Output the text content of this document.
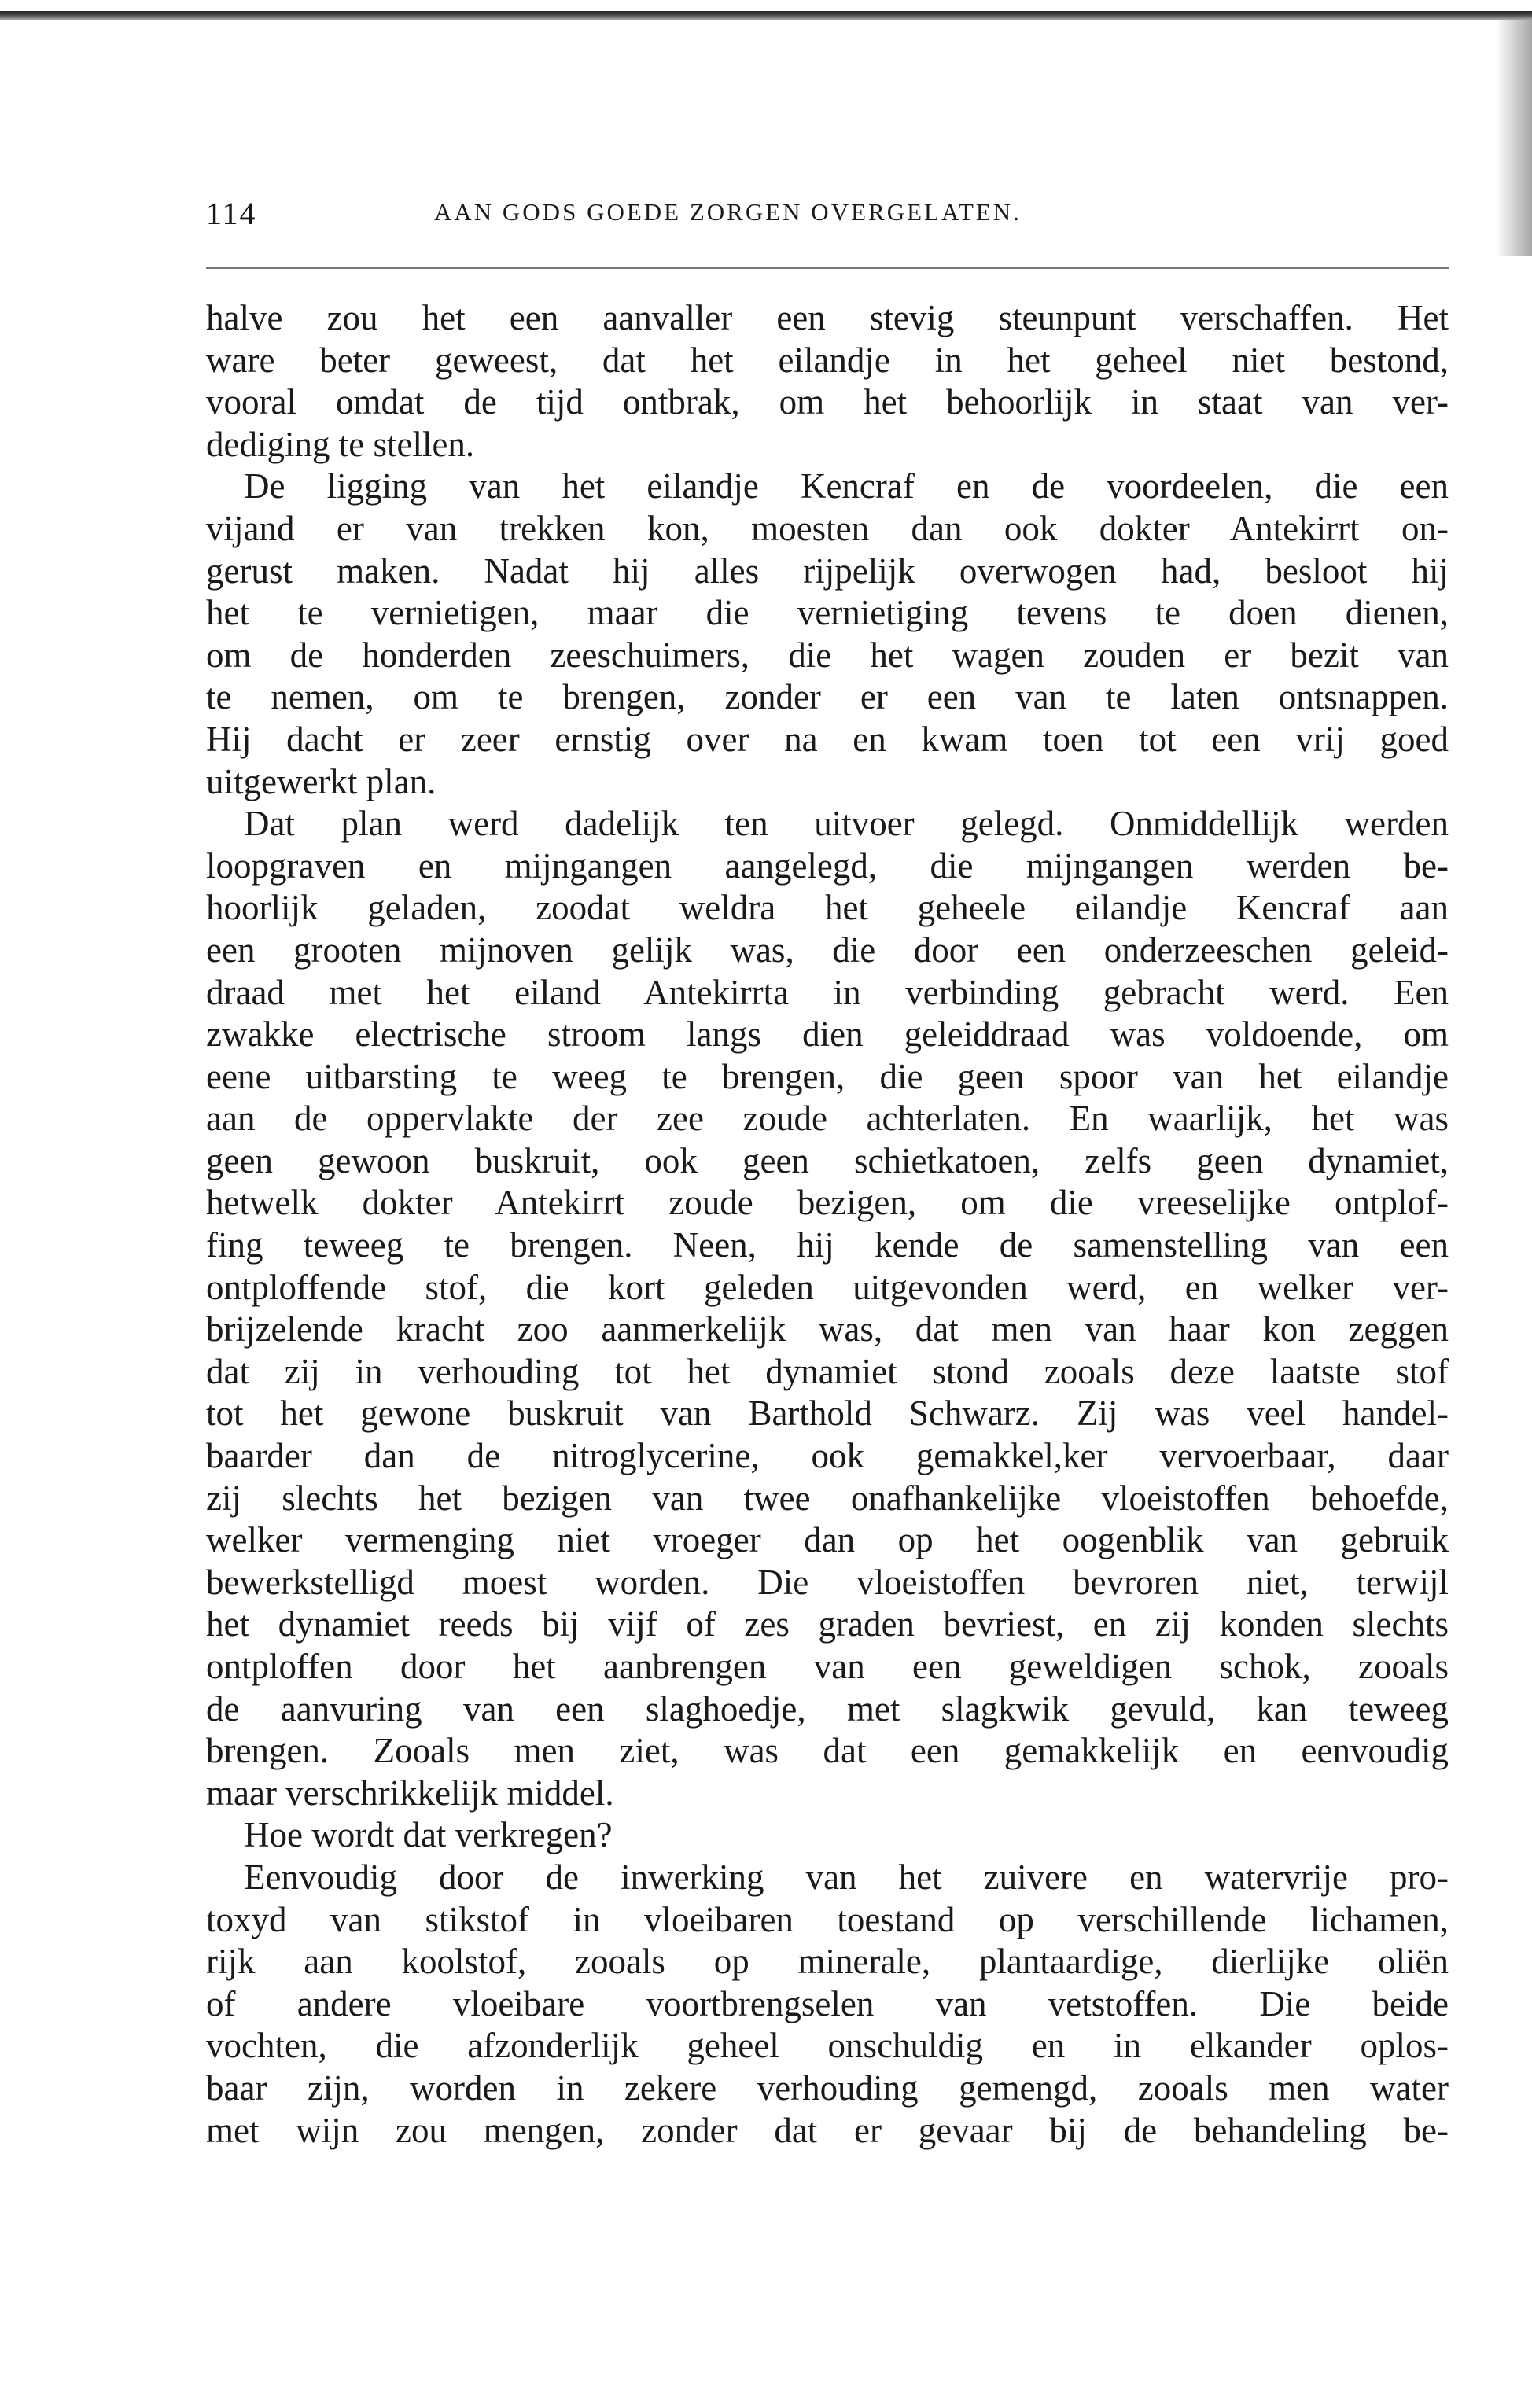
114	AAN GODS GOEDE ZORGEN OVERGELATEN.
halve zou het een aanvaller een stevig steunpunt verschaffen. Het
ware beter geweest, dat het eilandje in het geheel niet bestond,
vooral omdat de tijd ontbrak, om het behoorlijk in staat van ver-
dediging te stellen.
De ligging van het eilandje Kencraf en de voordeelen, die een
vijand er van trekken kon, moesten dan ook dokter Antekirrt on-
gerust maken. Nadat hij alles rijpelijk overwogen had, besloot hij
het te vernietigen, maar die vernietiging tevens te doen dienen,
om de honderden zeeschuimers, die het wagen zouden er bezit van
te nemen, om te brengen, zonder er een van te laten ontsnappen.
Hij dacht er zeer ernstig over na en kwam toen tot een vrij goed
uitgewerkt plan.
Dat plan werd dadelijk ten uitvoer gelegd. Onmiddellijk werden
loopgraven en mijngangen aangelegd, die mijngangen werden be-
hoorlijk geladen, zoodat weldra het geheele eilandje Kencraf aan
een grooten mijnoven gelijk was, die door een onderzeeschen geleid-
draad met het eiland Antekirrta in verbinding gebracht werd. Een
zwakke electrische stroom langs dien geleiddraad was voldoende, om
eene uitbarsting te weeg te brengen, die geen spoor van het eilandje
aan de oppervlakte der zee zoude achterlaten. En waarlijk, het was
geen gewoon buskruit, ook geen schietkatoen, zelfs geen dynamiet,
hetwelk dokter Antekirrt zoude bezigen, om die vreeselijke ontplof-
fing teweeg te brengen. Neen, hij kende de samenstelling van een
ontploffende stof, die kort geleden uitgevonden werd, en welker ver-
brijzelende kracht zoo aanmerkelijk was, dat men van haar kon zeggen
dat zij in verhouding tot het dynamiet stond zooals deze laatste stof
tot het gewone buskruit van Barthold Schwarz. Zij was veel handel-
baarder dan de nitroglycerine, ook gemakkel,ker vervoerbaar, daar
zij slechts het bezigen van twee onafhankelijke vloeistoffen behoefde,
welker vermenging niet vroeger dan op het oogenblik van gebruik
bewerkstelligd moest worden. Die vloeistoffen bevroren niet, terwijl
het dynamiet reeds bij vijf of zes graden bevriest, en zij konden slechts
ontploffen door het aanbrengen van een geweldigen schok, zooals
de aanvuring van een slaghoedje, met slagkwik gevuld, kan teweeg
brengen. Zooals men ziet, was dat een gemakkelijk en eenvoudig
maar verschrikkelijk middel.
Hoe wordt dat verkregen?
Eenvoudig door de inwerking van het zuivere en watervrije pro-
toxyd van stikstof in vloeibaren toestand op verschillende lichamen,
rijk aan koolstof, zooals op minerale, plantaardige, dierlijke oliën
of andere vloeibare voortbrengselen van vetstoffen. Die beide
vochten, die afzonderlijk geheel onschuldig en in elkander oplos-
baar zijn, worden in zekere verhouding gemengd, zooals men water
met wijn zou mengen, zonder dat er gevaar bij de behandeling be-
